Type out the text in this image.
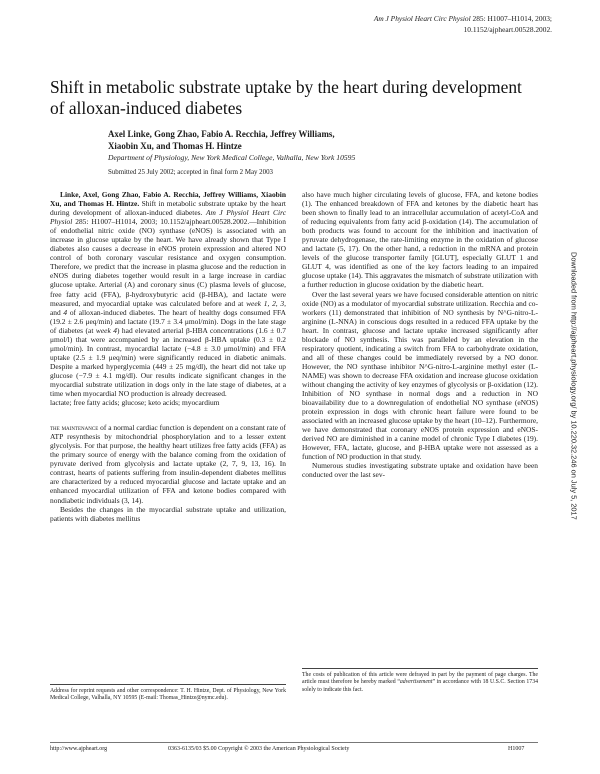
Am J Physiol Heart Circ Physiol 285: H1007–H1014, 2003;
10.1152/ajpheart.00528.2002.
Shift in metabolic substrate uptake by the heart during development of alloxan-induced diabetes
Axel Linke, Gong Zhao, Fabio A. Recchia, Jeffrey Williams,
Xiaobin Xu, and Thomas H. Hintze
Department of Physiology, New York Medical College, Valhalla, New York 10595
Submitted 25 July 2002; accepted in final form 2 May 2003

Linke, Axel, Gong Zhao, Fabio A. Recchia, Jeffrey Williams, Xiaobin Xu, and Thomas H. Hintze. Shift in metabolic substrate uptake by the heart during development of alloxan-induced diabetes. Am J Physiol Heart Circ Physiol 285: H1007–H1014, 2003; 10.1152/ajpheart.00528.2002.—Inhibition of endothelial nitric oxide (NO) synthase (eNOS) is associated with an increase in glucose uptake by the heart. We have already shown that Type I diabetes also causes a decrease in eNOS protein expression and altered NO control of both coronary vascular resistance and oxygen consumption. Therefore, we predict that the increase in plasma glucose and the reduction in eNOS during diabetes together would result in a large increase in cardiac glucose uptake. Arterial (A) and coronary sinus (C) plasma levels of glucose, free fatty acid (FFA), β-hydroxybutyric acid (β-HBA), and lactate were measured, and myocardial uptake was calculated before and at week 1, 2, 3, and 4 of alloxan-induced diabetes. The heart of healthy dogs consumed FFA (19.2 ± 2.6 μeq/min) and lactate (19.7 ± 3.4 μmol/min). Dogs in the late stage of diabetes (at week 4) had elevated arterial β-HBA concentrations (1.6 ± 0.7 μmol/l) that were accompanied by an increased β-HBA uptake (0.3 ± 0.2 μmol/min). In contrast, myocardial lactate (−4.8 ± 3.0 μmol/min) and FFA uptake (2.5 ± 1.9 μeq/min) were significantly reduced in diabetic animals. Despite a marked hyperglycemia (449 ± 25 mg/dl), the heart did not take up glucose (−7.9 ± 4.1 mg/dl). Our results indicate significant changes in the myocardial substrate utilization in dogs only in the late stage of diabetes, at a time when myocardial NO production is already decreased.

lactate; free fatty acids; glucose; keto acids; myocardium

the maintenance of a normal cardiac function is dependent on a constant rate of ATP resynthesis by mitochondrial phosphorylation and to a lesser extent glycolysis. For that purpose, the healthy heart utilizes free fatty acids (FFA) as the primary source of energy with the balance coming from the oxidation of pyruvate derived from glycolysis and lactate uptake (2, 7, 9, 13, 16). In contrast, hearts of patients suffering from insulin-dependent diabetes mellitus are characterized by a reduced myocardial glucose and lactate uptake and an enhanced myocardial utilization of FFA and ketone bodies compared with nondiabetic individuals (3, 14).

Besides the changes in the myocardial substrate uptake and utilization, patients with diabetes mellitus

also have much higher circulating levels of glucose, FFA, and ketone bodies (1). The enhanced breakdown of FFA and ketones by the diabetic heart has been shown to finally lead to an intracellular accumulation of acetyl-CoA and of reducing equivalents from fatty acid β-oxidation (14). The accumulation of both products was found to account for the inhibition and inactivation of pyruvate dehydrogenase, the rate-limiting enzyme in the oxidation of glucose and lactate (5, 17). On the other hand, a reduction in the mRNA and protein levels of the glucose transporter family [GLUT], especially GLUT 1 and GLUT 4, was identified as one of the key factors leading to an impaired glucose uptake (14). This aggravates the mismatch of substrate utilization with a further reduction in glucose oxidation by the diabetic heart.

Over the last several years we have focused considerable attention on nitric oxide (NO) as a modulator of myocardial substrate utilization. Recchia and co-workers (11) demonstrated that inhibition of NO synthesis by N^G-nitro-L-arginine (L-NNA) in conscious dogs resulted in a reduced FFA uptake by the heart. In contrast, glucose and lactate uptake increased significantly after blockade of NO synthesis. This was paralleled by an elevation in the respiratory quotient, indicating a switch from FFA to carbohydrate oxidation, and all of these changes could be immediately reversed by a NO donor. However, the NO synthase inhibitor N^G-nitro-L-arginine methyl ester (L-NAME) was shown to decrease FFA oxidation and increase glucose oxidation without changing the activity of key enzymes of glycolysis or β-oxidation (12). Inhibition of NO synthase in normal dogs and a reduction in NO bioavailability due to a downregulation of endothelial NO synthase (eNOS) protein expression in dogs with chronic heart failure were found to be associated with an increased glucose uptake by the heart (10–12). Furthermore, we have demonstrated that coronary eNOS protein expression and eNOS-derived NO are diminished in a canine model of chronic Type I diabetes (19). However, FFA, lactate, glucose, and β-HBA uptake were not assessed as a function of NO production in that study.

Numerous studies investigating substrate uptake and oxidation have been conducted over the last sev-

Address for reprint requests and other correspondence: T. H. Hintze, Dept. of Physiology, New York Medical College, Valhalla, NY 10595 (E-mail: Thomas_Hintze@nymc.edu).
The costs of publication of this article were defrayed in part by the payment of page charges. The article must therefore be hereby marked “advertisement” in accordance with 18 U.S.C. Section 1734 solely to indicate this fact.
http://www.ajpheart.org	0363-6135/03 $5.00 Copyright © 2003 the American Physiological Society	H1007
Downloaded from http://ajpheart.physiology.org/ by 10.220.32.246 on July 5, 2017
